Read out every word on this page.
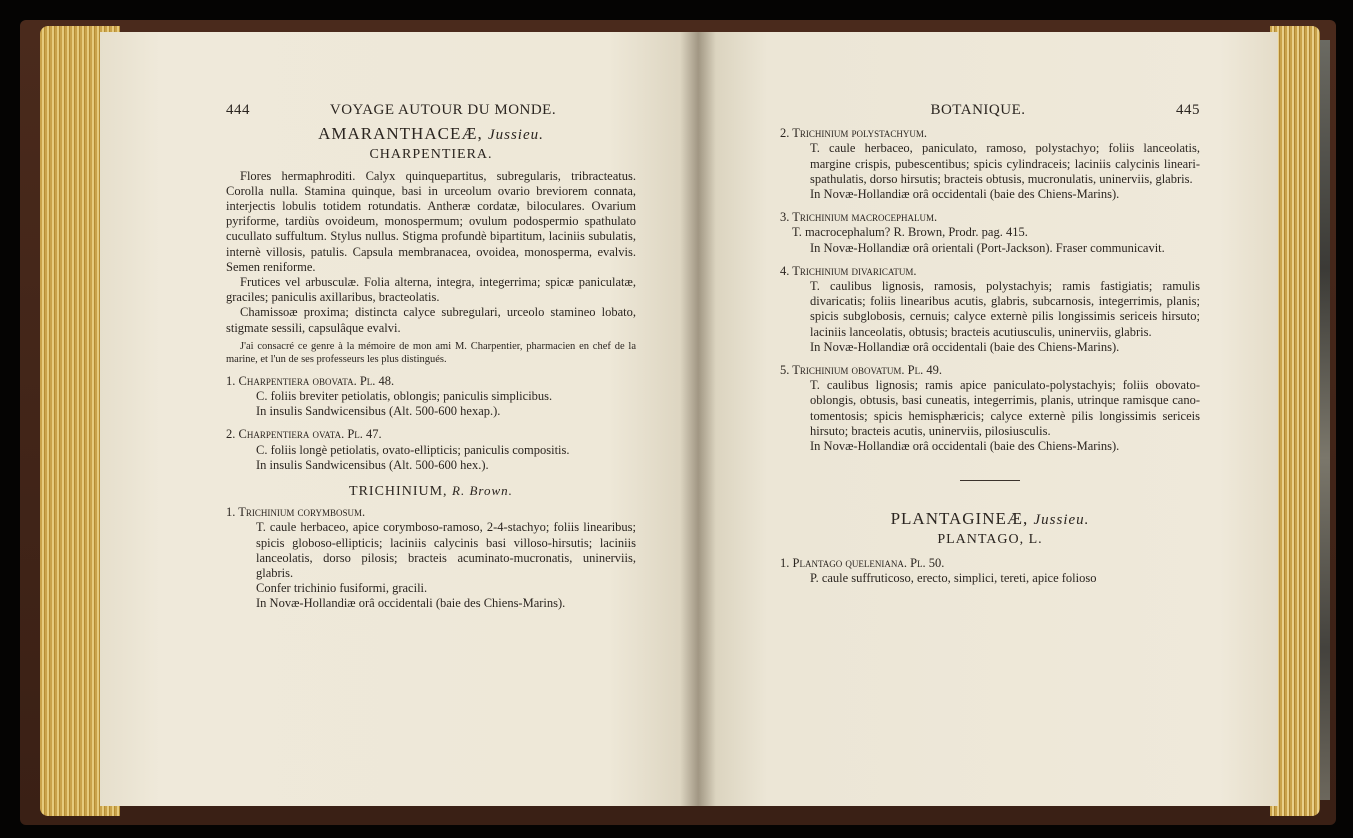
444	VOYAGE AUTOUR DU MONDE.
AMARANTHACEÆ, Jussieu.
CHARPENTIERA.

Flores hermaphroditi. Calyx quinquepartitus, subregularis, tribracteatus. Corolla nulla. Stamina quinque, basi in urceolum ovario breviorem connata, interjectis lobulis totidem rotundatis. Antheræ cordatæ, biloculares. Ovarium pyriforme, tardiùs ovoideum, monospermum; ovulum podospermio spathulato cucullato suffultum. Stylus nullus. Stigma profundè bipartitum, laciniis subulatis, internè villosis, patulis. Capsula membranacea, ovoidea, monosperma, evalvis. Semen reniforme.

Frutices vel arbusculæ. Folia alterna, integra, integerrima; spicæ paniculatæ, graciles; paniculis axillaribus, bracteolatis.

Chamissoæ proxima; distincta calyce subregulari, urceolo stamineo lobato, stigmate sessili, capsulâque evalvi.

J'ai consacré ce genre à la mémoire de mon ami M. Charpentier, pharmacien en chef de la marine, et l'un de ses professeurs les plus distingués.

1. Charpentiera obovata. Pl. 48.
C. foliis breviter petiolatis, oblongis; paniculis simplicibus.
In insulis Sandwicensibus (Alt. 500-600 hexap.).
2. Charpentiera ovata. Pl. 47.
C. foliis longè petiolatis, ovato-ellipticis; paniculis compositis.
In insulis Sandwicensibus (Alt. 500-600 hex.).
TRICHINIUM, R. Brown.
1. Trichinium corymbosum.

T. caule herbaceo, apice corymboso-ramoso, 2-4-stachyo; foliis linearibus; spicis globoso-ellipticis; laciniis calycinis basi villoso-hirsutis; laciniis lanceolatis, dorso pilosis; bracteis acuminato-mucronatis, uninerviis, glabris.

Confer trichinio fusiformi, gracili.
In Novæ-Hollandiæ orâ occidentali (baie des Chiens-Marins).
BOTANIQUE.	445
2. Trichinium polystachyum.

T. caule herbaceo, paniculato, ramoso, polystachyo; foliis lanceolatis, margine crispis, pubescentibus; spicis cylindraceis; laciniis calycinis lineari-spathulatis, dorso hirsutis; bracteis obtusis, mucronulatis, uninerviis, glabris.

In Novæ-Hollandiæ orâ occidentali (baie des Chiens-Marins).
3. Trichinium macrocephalum.
T. macrocephalum? R. Brown, Prodr. pag. 415.

In Novæ-Hollandiæ orâ orientali (Port-Jackson). Fraser communicavit.

4. Trichinium divaricatum.

T. caulibus lignosis, ramosis, polystachyis; ramis fastigiatis; ramulis divaricatis; foliis linearibus acutis, glabris, subcarnosis, integerrimis, planis; spicis subglobosis, cernuis; calyce externè pilis longissimis sericeis hirsuto; laciniis lanceolatis, obtusis; bracteis acutiusculis, uninerviis, glabris.

In Novæ-Hollandiæ orâ occidentali (baie des Chiens-Marins).
5. Trichinium obovatum. Pl. 49.

T. caulibus lignosis; ramis apice paniculato-polystachyis; foliis obovato-oblongis, obtusis, basi cuneatis, integerrimis, planis, utrinque ramisque cano-tomentosis; spicis hemisphæricis; calyce externè pilis longissimis sericeis hirsuto; bracteis acutis, uninerviis, pilosiusculis.

In Novæ-Hollandiæ orâ occidentali (baie des Chiens-Marins).
PLANTAGINEÆ, Jussieu.
PLANTAGO, L.
1. Plantago queleniana. Pl. 50.
P. caule suffruticoso, erecto, simplici, tereti, apice folioso
